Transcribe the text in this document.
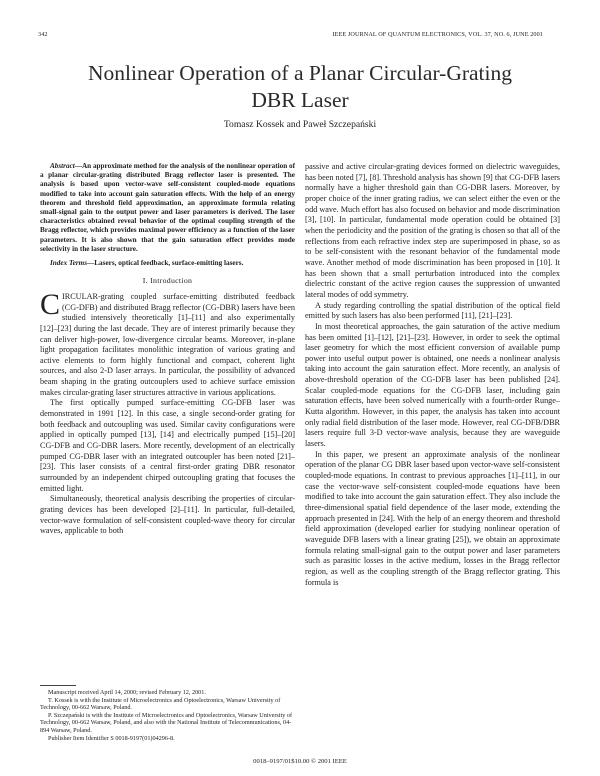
342	IEEE JOURNAL OF QUANTUM ELECTRONICS, VOL. 37, NO. 6, JUNE 2001
Nonlinear Operation of a Planar Circular-Grating
DBR Laser
Tomasz Kossek and Paweł Szczepański

Abstract—An approximate method for the analysis of the nonlinear operation of a planar circular-grating distributed Bragg reflector laser is presented. The analysis is based upon vector-wave self-consistent coupled-mode equations modified to take into account gain saturation effects. With the help of an energy theorem and threshold field approximation, an approximate formula relating small-signal gain to the output power and laser parameters is derived. The laser characteristics obtained reveal behavior of the optimal coupling strength of the Bragg reflector, which provides maximal power efficiency as a function of the laser parameters. It is also shown that the gain saturation effect provides mode selectivity in the laser structure.

Index Terms—Lasers, optical feedback, surface-emitting lasers.

I. Introduction

CIRCULAR-grating coupled surface-emitting distributed feedback (CG-DFB) and distributed Bragg reflector (CG-DBR) lasers have been studied intensively theoretically [1]–[11] and also experimentally [12]–[23] during the last decade. They are of interest primarily because they can deliver high-power, low-divergence circular beams. Moreover, in-plane light propagation facilitates monolithic integration of various grating and active elements to form highly functional and compact, coherent light sources, and also 2-D laser arrays. In particular, the possibility of advanced beam shaping in the grating outcouplers used to achieve surface emission makes circular-grating laser structures attractive in various applications.

The first optically pumped surface-emitting CG-DFB laser was demonstrated in 1991 [12]. In this case, a single second-order grating for both feedback and outcoupling was used. Similar cavity configurations were applied in optically pumped [13], [14] and electrically pumped [15]–[20] CG-DFB and CG-DBR lasers. More recently, development of an electrically pumped CG-DBR laser with an integrated outcoupler has been noted [21]–[23]. This laser consists of a central first-order grating DBR resonator surrounded by an independent chirped outcoupling grating that focuses the emitted light.

Simultaneously, theoretical analysis describing the properties of circular-grating devices has been developed [2]–[11]. In particular, full-detailed, vector-wave formulation of self-consistent coupled-wave theory for circular waves, applicable to both

passive and active circular-grating devices formed on dielectric waveguides, has been noted [7], [8]. Threshold analysis has shown [9] that CG-DFB lasers normally have a higher threshold gain than CG-DBR lasers. Moreover, by proper choice of the inner grating radius, we can select either the even or the odd wave. Much effort has also focused on behavior and mode discrimination [3], [10]. In particular, fundamental mode operation could be obtained [3] when the periodicity and the position of the grating is chosen so that all of the reflections from each refractive index step are superimposed in phase, so as to be self-consistent with the resonant behavior of the fundamental mode wave. Another method of mode discrimination has been proposed in [10]. It has been shown that a small perturbation introduced into the complex dielectric constant of the active region causes the suppression of unwanted lateral modes of odd symmetry.

A study regarding controlling the spatial distribution of the optical field emitted by such lasers has also been performed [11], [21]–[23].

In most theoretical approaches, the gain saturation of the active medium has been omitted [1]–[12], [21]–[23]. However, in order to seek the optimal laser geometry for which the most efficient conversion of available pump power into useful output power is obtained, one needs a nonlinear analysis taking into account the gain saturation effect. More recently, an analysis of above-threshold operation of the CG-DFB laser has been published [24]. Scalar coupled-mode equations for the CG-DFB laser, including gain saturation effects, have been solved numerically with a fourth-order Runge–Kutta algorithm. However, in this paper, the analysis has taken into account only radial field distribution of the laser mode. However, real CG-DFB/DBR lasers require full 3-D vector-wave analysis, because they are waveguide lasers.

In this paper, we present an approximate analysis of the nonlinear operation of the planar CG DBR laser based upon vector-wave self-consistent coupled-mode equations. In contrast to previous approaches [1]–[11], in our case the vector-wave self-consistent coupled-mode equations have been modified to take into account the gain saturation effect. They also include the three-dimensional spatial field dependence of the laser mode, extending the approach presented in [24]. With the help of an energy theorem and threshold field approximation (developed earlier for studying nonlinear operation of waveguide DFB lasers with a linear grating [25]), we obtain an approximate formula relating small-signal gain to the output power and laser parameters such as parasitic losses in the active medium, losses in the Bragg reflector region, as well as the coupling strength of the Bragg reflector grating. This formula is

Manuscript received April 14, 2000; revised February 12, 2001.

T. Kossek is with the Institute of Microelectronics and Optoelectronics, Warsaw University of Technology, 00-662 Warsaw, Poland.

P. Szczepański is with the Institute of Microelectronics and Optoelectronics, Warsaw University of Technology, 00-662 Warsaw, Poland, and also with the National Institute of Telecommunications, 04-894 Warsaw, Poland.

Publisher Item Identifier S 0018-9197(01)04296-8.

0018–9197/01$10.00 © 2001 IEEE
